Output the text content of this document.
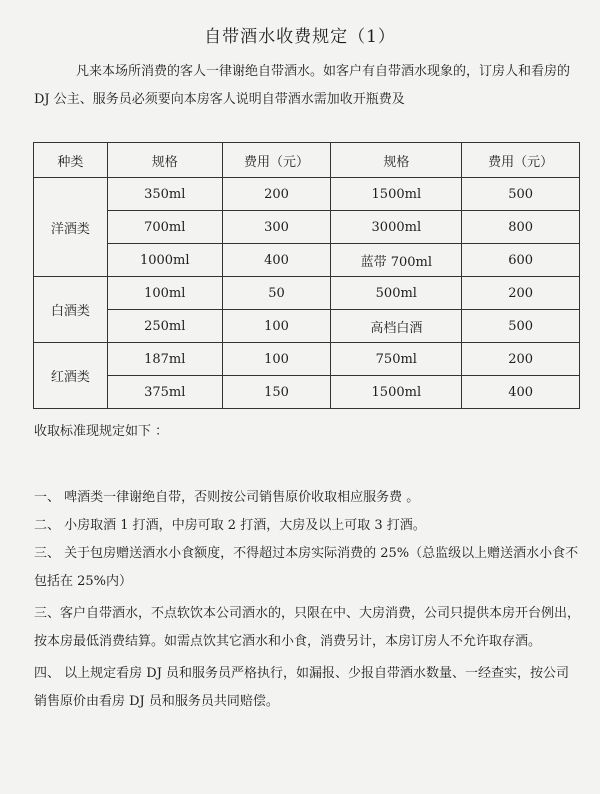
自带酒水收费规定（1）
凡来本场所消费的客人一律谢绝自带酒水。如客户有自带酒水现象的，订房人和看房的 DJ 公主、服务员必须要向本房客人说明自带酒水需加收开瓶费及
种类	规格	费用（元）	规格	费用（元）
洋酒类	350ml	200	1500ml	500
	700ml	300	3000ml	800
	1000ml	400	蓝带 700ml	600
白酒类	100ml	50	500ml	200
	250ml	100	高档白酒	500
红酒类	187ml	100	750ml	200
	375ml	150	1500ml	400
收取标准现规定如下 ：

一、 啤酒类一律谢绝自带，否则按公司销售原价收取相应服务费 。

二、 小房取酒 1 打酒，中房可取 2 打酒，大房及以上可取 3 打酒。

三、 关于包房赠送酒水小食额度，不得超过本房实际消费的 25%（总监级以上赠送酒水小食不包括在 25%内）

三、客户自带酒水，不点软饮本公司酒水的，只限在中、大房消费，公司只提供本房开台例出，按本房最低消费结算。如需点饮其它酒水和小食，消费另计，本房订房人不允许取存酒。

四、 以上规定看房 DJ 员和服务员严格执行，如漏报、少报自带酒水数量、一经查实，按公司销售原价由看房 DJ 员和服务员共同赔偿。
